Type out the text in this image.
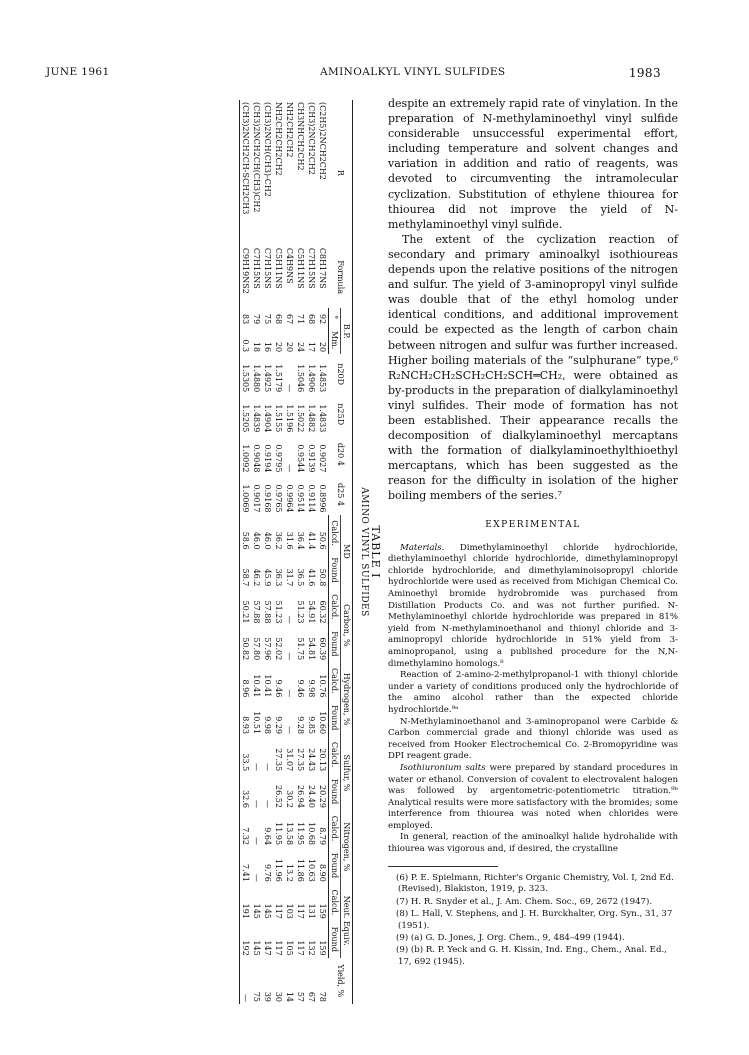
JUNE 1961	AMINOALKYL VINYL SULFIDES	1983
TABLE I
AMINO VINYL SULFIDES
R	Formula	B.P.		n20D	n25D	d20 4	d25 4	MD		Carbon, %		Hydrogen, %		Sulfur, %		Nitrogen, %		Neut. Equiv.		Yield, %
		°	Mm.					Calcd.	Found	Calcd.	Found	Calcd.	Found	Calcd.	Found	Calcd.	Found	Calcd.	Found	
(C2H5)2NCH2CH2	C8H17NS	92	20	1.4853	1.4833	0.9027	0.8996	50.6	50.8	60.32	60.39	10.76	10.60	20.13	20.29	8.79	8.90	159	159	78
(CH3)2NCH2CH2	C7H15NS	68	17	1.4906	1.4882	0.9139	0.9114	41.4	41.6	54.91	54.81	9.98	9.85	24.43	24.40	10.68	10.63	131	132	67
CH3NHCH2CH2	C5H11NS	71	24	1.5046	1.5022	0.9544	0.9514	36.4	36.5	51.23	51.75	9.46	9.28	27.35	26.94	11.95	11.86	117	117	57
NH2CH2CH2	C4H9NS	67	20	—	1.5196	—	0.9964	31.6	31.7	—	—	—	—	31.07	30.2	13.58	13.2	103	105	14
NH2CH2CH2CH2	C5H11NS	68	20	1.5179	1.5155	0.9795	0.9765	36.2	36.3	51.23	52.02	9.46	9.29	27.35	26.52	11.95	11.96	117	117	30
(CH3)2NCH(CH3)-CH2	C7H15NS	75	16	1.4925	1.4904	0.9194	0.9168	46.0	45.9	57.88	57.96	10.41	9.98	—	—	9.64	9.76	145	147	39
(CH3)2NCH2CH(CH3)CH2	C7H15NS	79	18	1.4880	1.4839	0.9048	0.9017	46.0	46.2	57.88	57.80	10.41	10.51	—	—	—	—	145	145	75
(CH3)2NCH2CH-SCH2CH3	C9H19NS2	83	0.3	1.5305	1.5205	1.0092	1.0069	58.6	58.7	50.21	50.82	8.96	8.93	33.5	32.6	7.32	7.41	191	192	—

despite an extremely rapid rate of vinylation. In the preparation of N-methylaminoethyl vinyl sulfide considerable unsuccessful experimental effort, including temperature and solvent changes and variation in addition and ratio of reagents, was devoted to circumventing the intramolecular cyclization. Substitution of ethylene thiourea for thiourea did not improve the yield of N-methylaminoethyl vinyl sulfide.

The extent of the cyclization reaction of secondary and primary aminoalkyl isothioureas depends upon the relative positions of the nitrogen and sulfur. The yield of 3-aminopropyl vinyl sulfide was double that of the ethyl homolog under identical conditions, and additional improvement could be expected as the length of carbon chain between nitrogen and sulfur was further increased. Higher boiling materials of the “sulphurane” type,⁶ R₂NCH₂CH₂SCH₂CH₂SCH═CH₂, were obtained as by-products in the preparation of dialkylaminoethyl vinyl sulfides. Their mode of formation has not been established. Their appearance recalls the decomposition of dialkylaminoethyl mercaptans with the formation of dialkylaminoethylthioethyl mercaptans, which has been suggested as the reason for the difficulty in isolation of the higher boiling members of the series.⁷

EXPERIMENTAL

Materials. Dimethylaminoethyl chloride hydrochloride, diethylaminoethyl chloride hydrochloride, dimethylaminopropyl chloride hydrochloride, and dimethylaminoisopropyl chloride hydrochloride were used as received from Michigan Chemical Co. Aminoethyl bromide hydrobromide was purchased from Distillation Products Co. and was not further purified. N-Methylaminoethyl chloride hydrochloride was prepared in 81% yield from N-methylaminoethanol and thionyl chloride and 3-aminopropyl chloride hydrochloride in 51% yield from 3-aminopropanol, using a published procedure for the N,N-dimethylamino homologs.⁸

Reaction of 2-amino-2-methylpropanol-1 with thionyl chloride under a variety of conditions produced only the hydrochloride of the amino alcohol rather than the expected chloride hydrochloride.⁹ᵃ

N-Methylaminoethanol and 3-aminopropanol were Carbide & Carbon commercial grade and thionyl chloride was used as received from Hooker Electrochemical Co. 2-Bromopyridine was DPI reagent grade.

Isothiuronium salts were prepared by standard procedures in water or ethanol. Conversion of covalent to electrovalent halogen was followed by argentometric-potentiometric titration.⁹ᵇ Analytical results were more satisfactory with the bromides; some interference from thiourea was noted when chlorides were employed.

In general, reaction of the aminoalkyl halide hydrohalide with thiourea was vigorous and, if desired, the crystalline

(6) P. E. Spielmann, Richter's Organic Chemistry, Vol. I, 2nd Ed. (Revised), Blakiston, 1919, p. 323.
(7) H. R. Snyder et al., J. Am. Chem. Soc., 69, 2672 (1947).
(8) L. Hall, V. Stephens, and J. H. Burckhalter, Org. Syn., 31, 37 (1951).
(9) (a) G. D. Jones, J. Org. Chem., 9, 484–499 (1944).
(9) (b) R. P. Yeck and G. H. Kissin, Ind. Eng., Chem., Anal. Ed., 17, 692 (1945).
